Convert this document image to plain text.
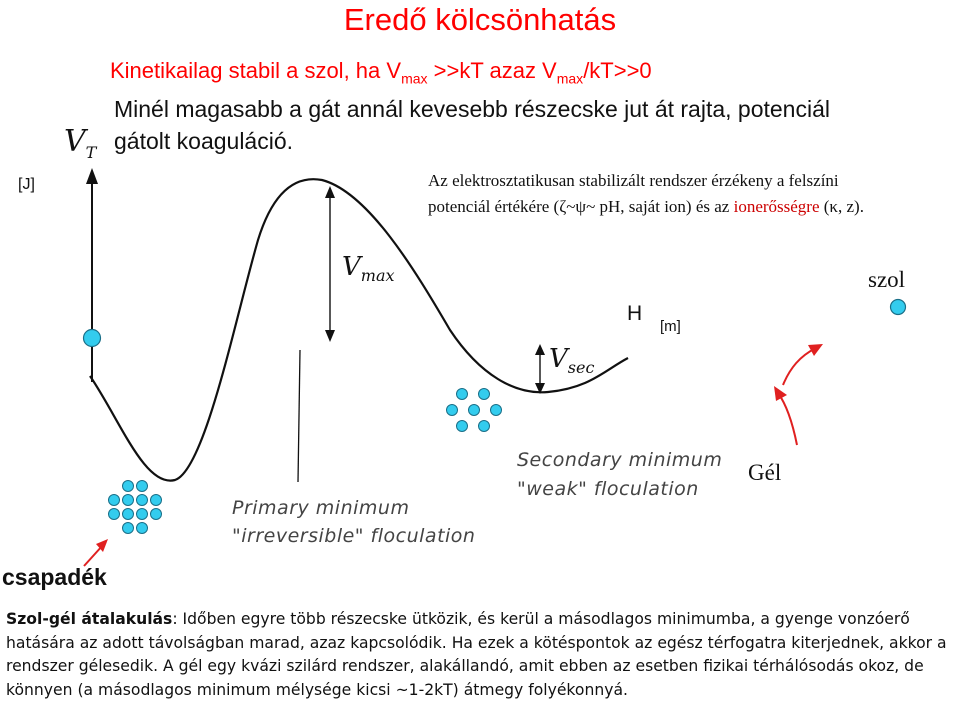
Eredő kölcsönhatás
Kinetikailag stabil a szol, ha $V_{max} >>kT$ azaz $V_{max}/kT>>0$
Minél magasabb a gát annál kevesebb részecske jut át rajta, potenciál
gátolt koaguláció.
[J]
$V_T$
$V_{max}$
$V_{sec}$
Az elektrosztatikusan stabilizált rendszer érzékeny a felszíni
potenciál értékére (ζ~ψ~ pH, saját ion) és az ionerősségre (κ, z).
szol
H
[m]
Gél
csapadék
Primary minimum
"irreversible" floculation
Secondary minimum
"weak" floculation
Szol-gél átalakulás: Időben egyre több részecske ütközik, és kerül a másodlagos minimumba, a gyenge vonzóerő hatására az adott távolságban marad, azaz kapcsolódik. Ha ezek a kötéspontok az egész térfogatra kiterjednek, akkor a rendszer gélesedik. A gél egy kvázi szilárd rendszer, alakállandó, amit ebben az esetben fizikai térhálósodás okoz, de könnyen (a másodlagos minimum mélysége kicsi ~1-2kT) átmegy folyékonnyá.
